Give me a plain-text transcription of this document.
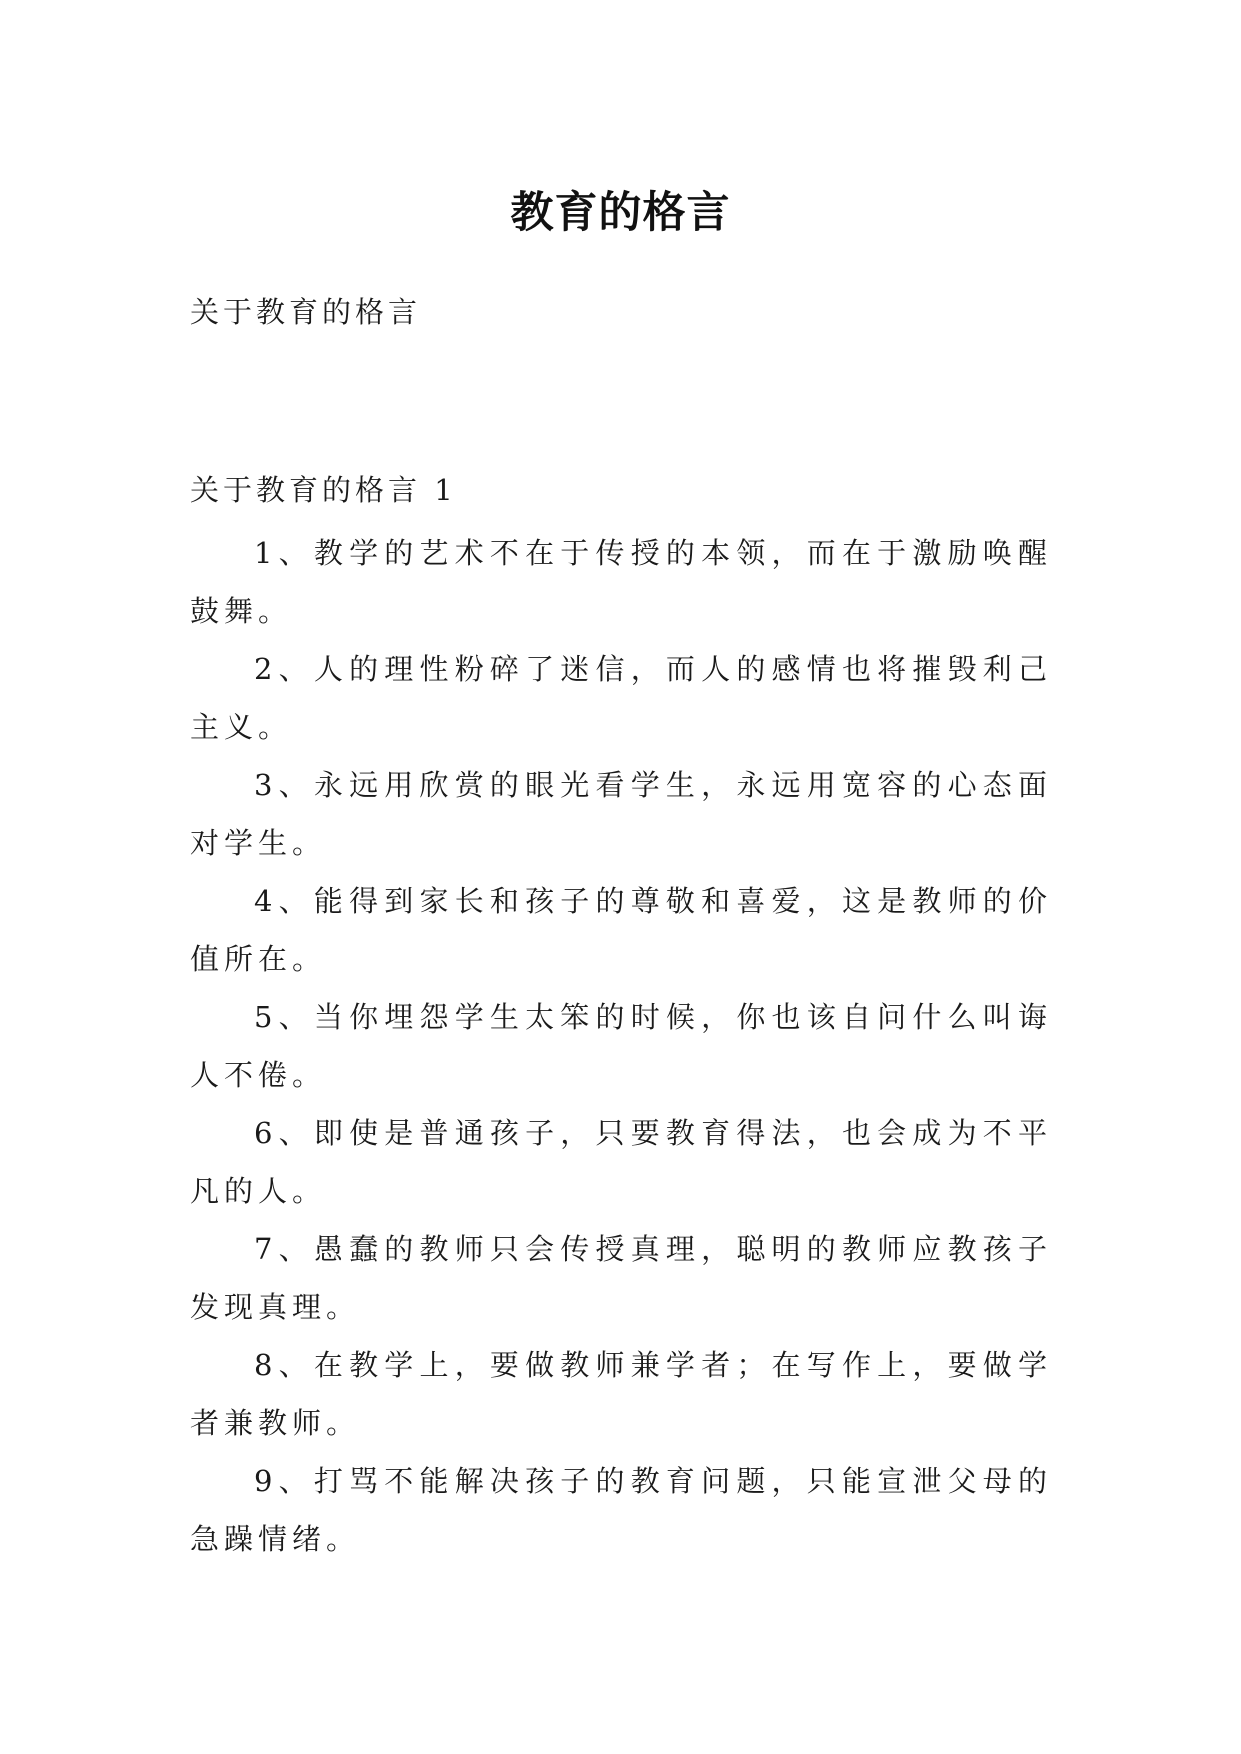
教育的格言
关于教育的格言
关于教育的格言 1
1、教学的艺术不在于传授的本领，而在于激励唤醒鼓舞。
2、人的理性粉碎了迷信，而人的感情也将摧毁利己主义。
3、永远用欣赏的眼光看学生，永远用宽容的心态面对学生。
4、能得到家长和孩子的尊敬和喜爱，这是教师的价值所在。
5、当你埋怨学生太笨的时候，你也该自问什么叫诲人不倦。
6、即使是普通孩子，只要教育得法，也会成为不平凡的人。
7、愚蠢的教师只会传授真理，聪明的教师应教孩子发现真理。
8、在教学上，要做教师兼学者；在写作上，要做学者兼教师。
9、打骂不能解决孩子的教育问题，只能宣泄父母的急躁情绪。
